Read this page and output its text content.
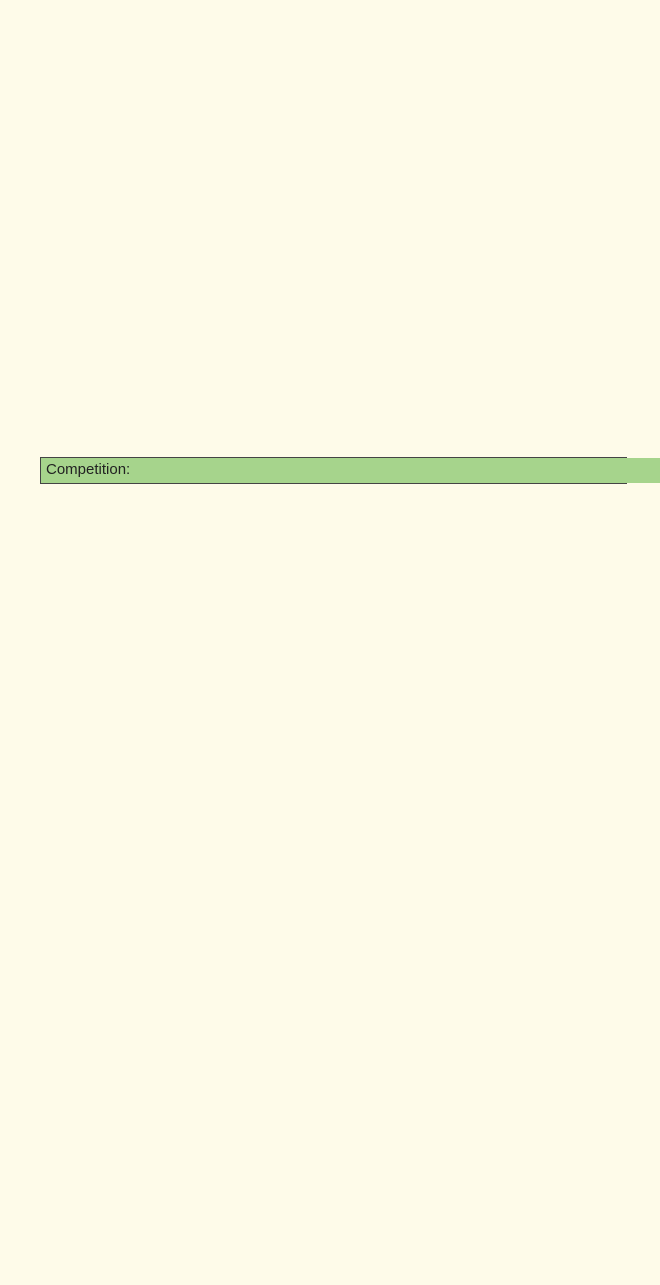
Competition:
